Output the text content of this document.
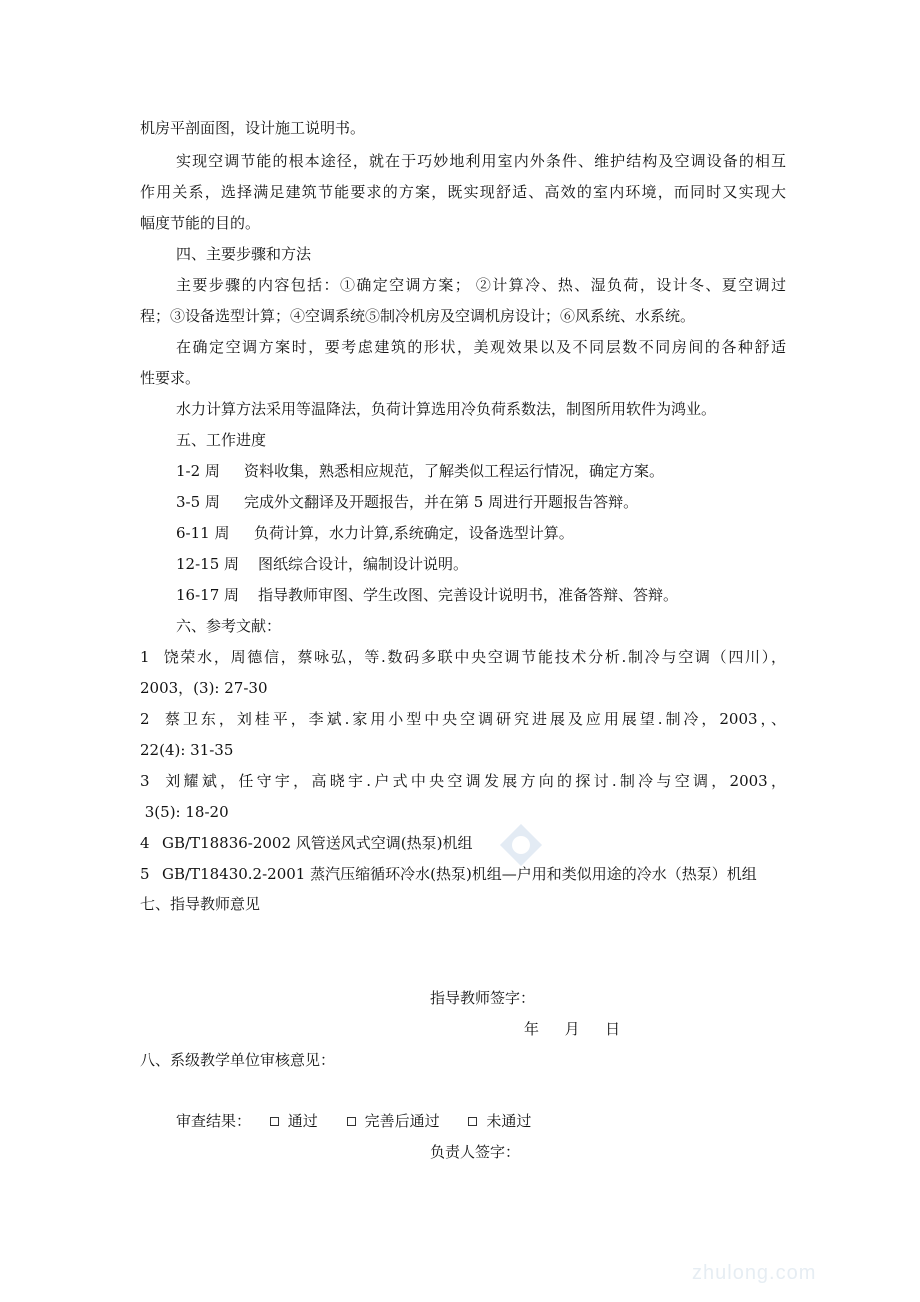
机房平剖面图，设计施工说明书。
实现空调节能的根本途径，就在于巧妙地利用室内外条件、维护结构及空调设备的相互
作用关系，选择满足建筑节能要求的方案，既实现舒适、高效的室内环境，而同时又实现大
幅度节能的目的。
四、主要步骤和方法
主要步骤的内容包括：①确定空调方案； ②计算冷、热、湿负荷，设计冬、夏空调过
程；③设备选型计算；④空调系统⑤制冷机房及空调机房设计；⑥风系统、水系统。
在确定空调方案时，要考虑建筑的形状，美观效果以及不同层数不同房间的各种舒适
性要求。
水力计算方法采用等温降法，负荷计算选用冷负荷系数法，制图所用软件为鸿业。
五、工作进度
1-2 周 资料收集，熟悉相应规范，了解类似工程运行情况，确定方案。
3-5 周 完成外文翻译及开题报告，并在第 5 周进行开题报告答辩。
6-11 周 负荷计算，水力计算,系统确定，设备选型计算。
12-15 周 图纸综合设计，编制设计说明。
16-17 周 指导教师审图、学生改图、完善设计说明书，准备答辩、答辩。
六、参考文献：
1 饶荣水，周德信，蔡咏弘，等.数码多联中央空调节能技术分析.制冷与空调（四川），
2003，(3): 27-30
2 蔡卫东，刘桂平，李斌.家用小型中央空调研究进展及应用展望.制冷，2003，、
22(4): 31-35
3 刘耀斌，任守宇，高晓宇.户式中央空调发展方向的探讨.制冷与空调，2003，
3(5): 18-20
4 GB/T18836-2002 风管送风式空调(热泵)机组
5 GB/T18430.2-2001 蒸汽压缩循环冷水(热泵)机组—户用和类似用途的冷水（热泵）机组
七、指导教师意见
指导教师签字：
年 月 日
八、系级教学单位审核意见：
审查结果： 通过	完善后通过	未通过
负责人签字：
zhulong.com
